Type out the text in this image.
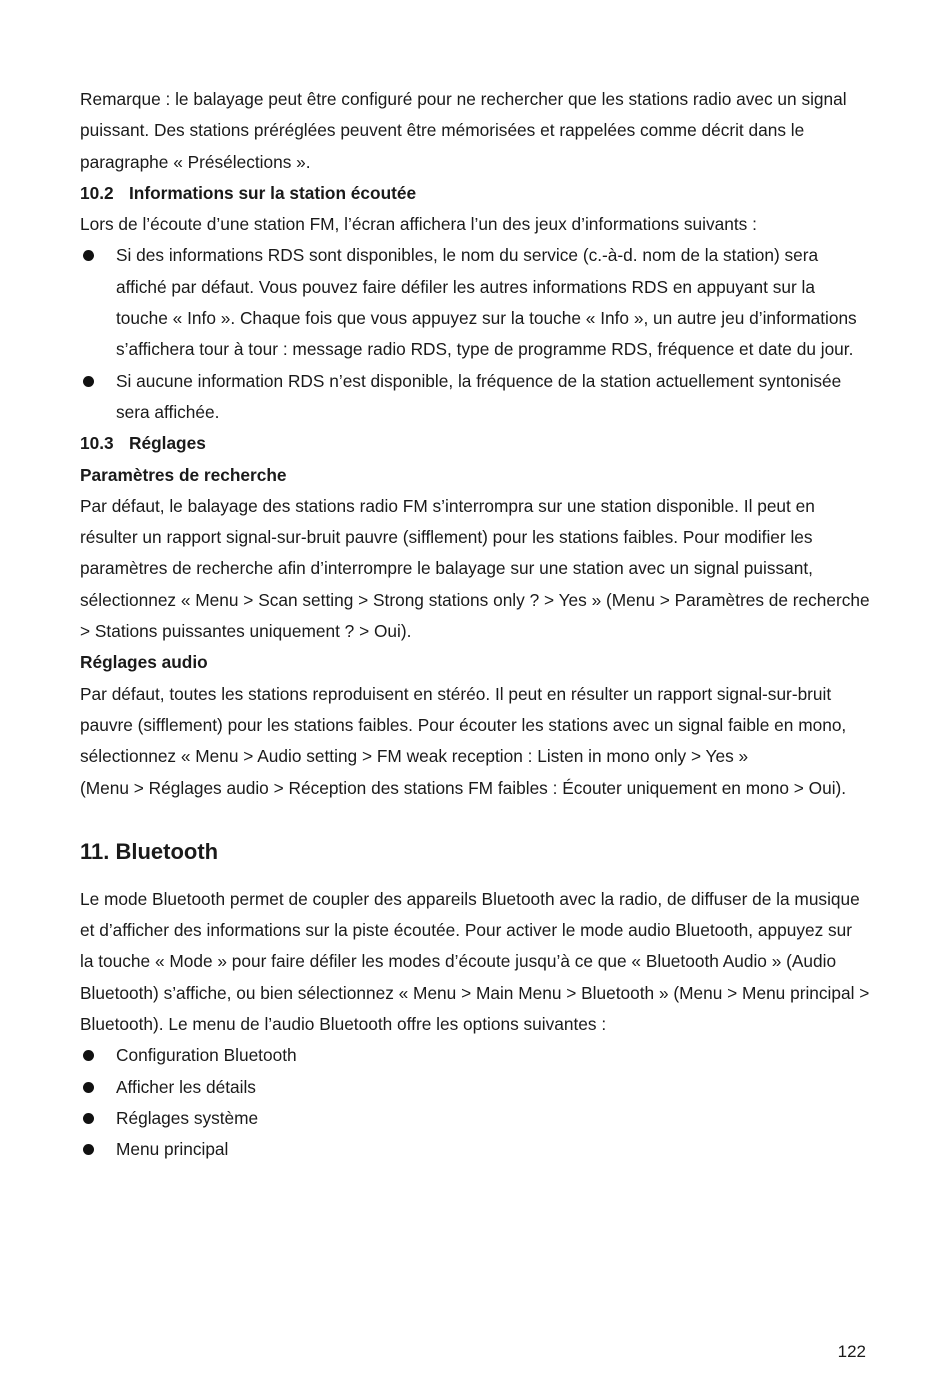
Remarque : le balayage peut être configuré pour ne rechercher que les stations radio avec un signal puissant. Des stations préréglées peuvent être mémorisées et rappelées comme décrit dans le paragraphe « Présélections ».

10.2 Informations sur la station écoutée

Lors de l’écoute d’une station FM, l’écran affichera l’un des jeux d’informations suivants :

Si des informations RDS sont disponibles, le nom du service (c.-à-d. nom de la station) sera affiché par défaut. Vous pouvez faire défiler les autres informations RDS en appuyant sur la touche « Info ». Chaque fois que vous appuyez sur la touche « Info », un autre jeu d’informations s’affichera tour à tour : message radio RDS, type de programme RDS, fréquence et date du jour.
Si aucune information RDS n’est disponible, la fréquence de la station actuellement syntonisée sera affichée.

10.3 Réglages

Paramètres de recherche

Par défaut, le balayage des stations radio FM s’interrompra sur une station disponible. Il peut en résulter un rapport signal-sur-bruit pauvre (sifflement) pour les stations faibles. Pour modifier les paramètres de recherche afin d’interrompre le balayage sur une station avec un signal puissant, sélectionnez « Menu > Scan setting > Strong stations only ? > Yes » (Menu > Paramètres de recherche > Stations puissantes uniquement ? > Oui).

Réglages audio

Par défaut, toutes les stations reproduisent en stéréo. Il peut en résulter un rapport signal-sur-bruit pauvre (sifflement) pour les stations faibles. Pour écouter les stations avec un signal faible en mono, sélectionnez « Menu > Audio setting > FM weak reception : Listen in mono only > Yes »

(Menu > Réglages audio > Réception des stations FM faibles : Écouter uniquement en mono > Oui).

11. Bluetooth

Le mode Bluetooth permet de coupler des appareils Bluetooth avec la radio, de diffuser de la musique et d’afficher des informations sur la piste écoutée. Pour activer le mode audio Bluetooth, appuyez sur la touche « Mode » pour faire défiler les modes d’écoute jusqu’à ce que « Bluetooth Audio » (Audio Bluetooth) s’affiche, ou bien sélectionnez « Menu > Main Menu > Bluetooth » (Menu > Menu principal > Bluetooth). Le menu de l’audio Bluetooth offre les options suivantes :

Configuration Bluetooth
Afficher les détails
Réglages système
Menu principal
122
